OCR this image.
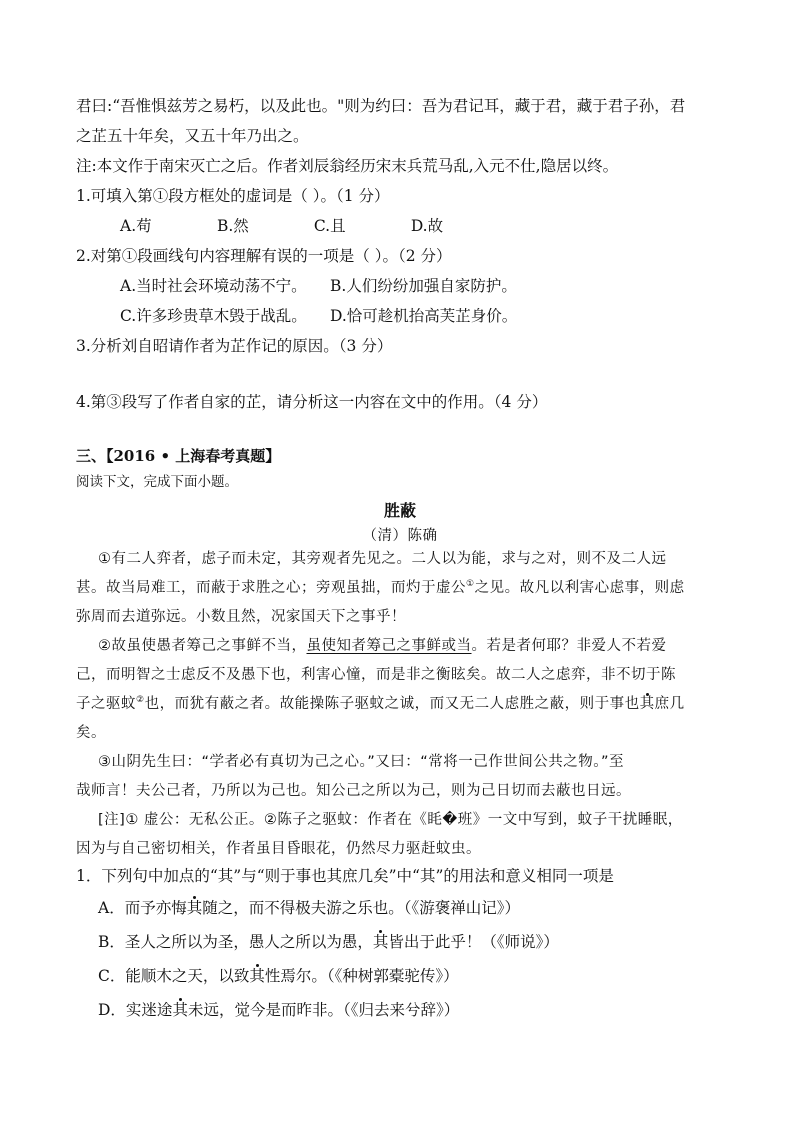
君曰:“吾惟惧兹芳之易朽，以及此也。"则为约曰：吾为君记耳，藏于君，藏于君子孙，君
之芷五十年矣，又五十年乃出之。
注:本文作于南宋灭亡之后。作者刘辰翁经历宋末兵荒马乱,入元不仕,隐居以终。
1.可填入第①段方框处的虚词是（ ）。（1 分）
A.苟	B.然	C.且	D.故
2.对第①段画线句内容理解有误的一项是（ ）。（2 分）
A.当时社会环境动荡不宁。 B.人们纷纷加强自家防护。
C.许多珍贵草木毁于战乱。 D.恰可趁机抬高芙芷身价。
3.分析刘自昭请作者为芷作记的原因。（3 分）
4.第③段写了作者自家的芷，请分析这一内容在文中的作用。（4 分）
三、【2016 • 上海春考真题】
阅读下文，完成下面小题。
胜蔽
（清）陈确
①有二人弈者，虑子而未定，其旁观者先见之。二人以为能，求与之对，则不及二人远
甚。故当局难工，而蔽于求胜之心；旁观虽拙，而灼于虚公①之见。故凡以利害心虑事，则虑
弥周而去道弥远。小数且然，况家国天下之事乎！
②故虽使愚者筹己之事鲜不当，虽使知者筹己之事鲜或当。若是者何耶？非爱人不若爱
己，而明智之士虑反不及愚下也，利害心憧，而是非之衡眩矣。故二人之虑弈，非不切于陈
子之驱蚊②也，而犹有蔽之者。故能操陈子驱蚊之诚，而又无二人虑胜之蔽，则于事也其庶几
矣。
③山阴先生曰：“学者必有真切为己之心。”又曰：“常将一己作世间公共之物。”至
哉师言！夫公己者，乃所以为己也。知公己之所以为己，则为己日切而去蔽也日远。
[注]① 虚公：无私公正。②陈子之驱蚊：作者在《眊�班》一文中写到，蚊子干扰睡眠，
因为与自己密切相关，作者虽目昏眼花，仍然尽力驱赶蚊虫。
1．下列句中加点的“其”与“则于事也其庶几矣”中“其”的用法和意义相同一项是
A．而予亦悔其随之，而不得极夫游之乐也。（《游褒禅山记》）
B．圣人之所以为圣，愚人之所以为愚，其皆出于此乎！（《师说》）
C．能顺木之天，以致其性焉尔。（《种树郭橐驼传》）
D．实迷途其未远，觉今是而昨非。（《归去来兮辞》）
